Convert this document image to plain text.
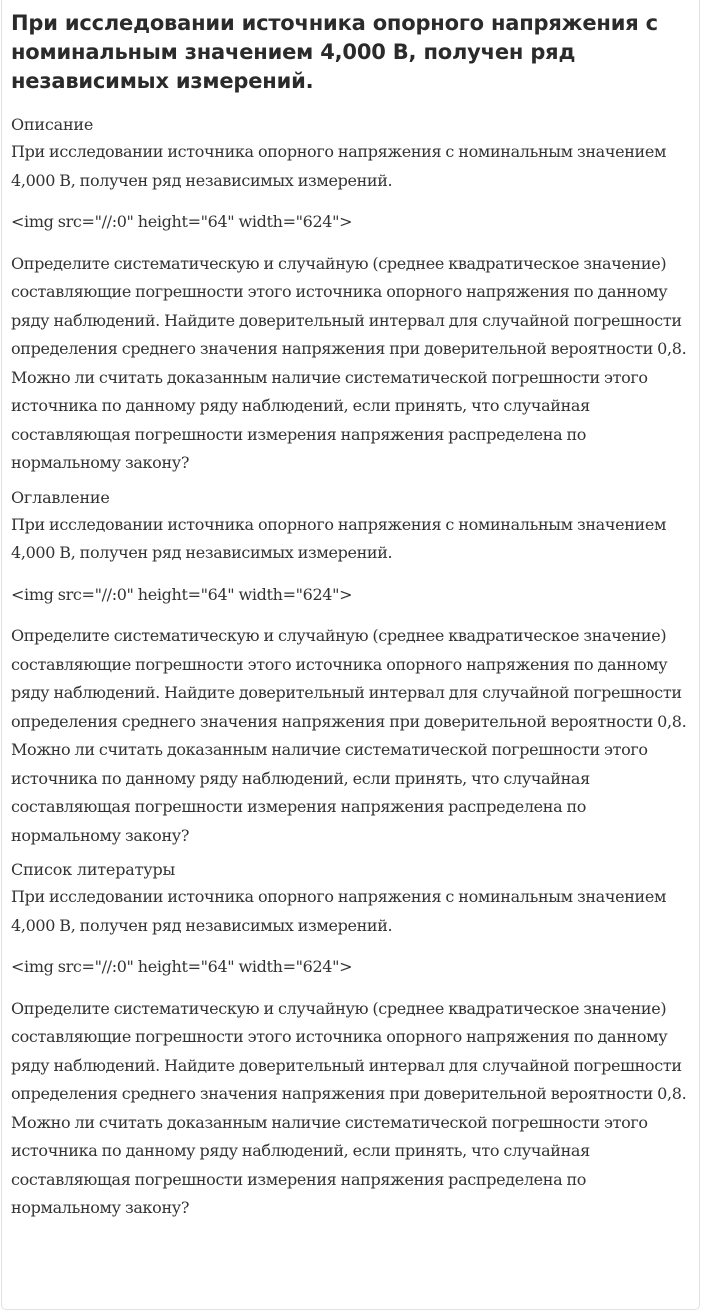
При исследовании источника опорного напряжения с номинальным значением 4,000 В, получен ряд независимых измерений.

Описание

При исследовании источника опорного напряжения с номинальным значением 4,000 В, получен ряд независимых измерений.

<img src="//:0" height="64" width="624">

Определите систематическую и случайную (среднее квадратическое значение) составляющие погрешности этого источника опорного напряжения по данному ряду наблюдений. Найдите доверительный интервал для случайной погрешности определения среднего значения напряжения при доверительной вероятности 0,8. Можно ли считать доказанным наличие систематической погрешности этого источника по данному ряду наблюдений, если принять, что случайная составляющая погрешности измерения напряжения распределена по нормальному закону?

Оглавление

При исследовании источника опорного напряжения с номинальным значением 4,000 В, получен ряд независимых измерений.

<img src="//:0" height="64" width="624">

Определите систематическую и случайную (среднее квадратическое значение) составляющие погрешности этого источника опорного напряжения по данному ряду наблюдений. Найдите доверительный интервал для случайной погрешности определения среднего значения напряжения при доверительной вероятности 0,8. Можно ли считать доказанным наличие систематической погрешности этого источника по данному ряду наблюдений, если принять, что случайная составляющая погрешности измерения напряжения распределена по нормальному закону?

Список литературы

При исследовании источника опорного напряжения с номинальным значением 4,000 В, получен ряд независимых измерений.

<img src="//:0" height="64" width="624">

Определите систематическую и случайную (среднее квадратическое значение) составляющие погрешности этого источника опорного напряжения по данному ряду наблюдений. Найдите доверительный интервал для случайной погрешности определения среднего значения напряжения при доверительной вероятности 0,8. Можно ли считать доказанным наличие систематической погрешности этого источника по данному ряду наблюдений, если принять, что случайная составляющая погрешности измерения напряжения распределена по нормальному закону?
